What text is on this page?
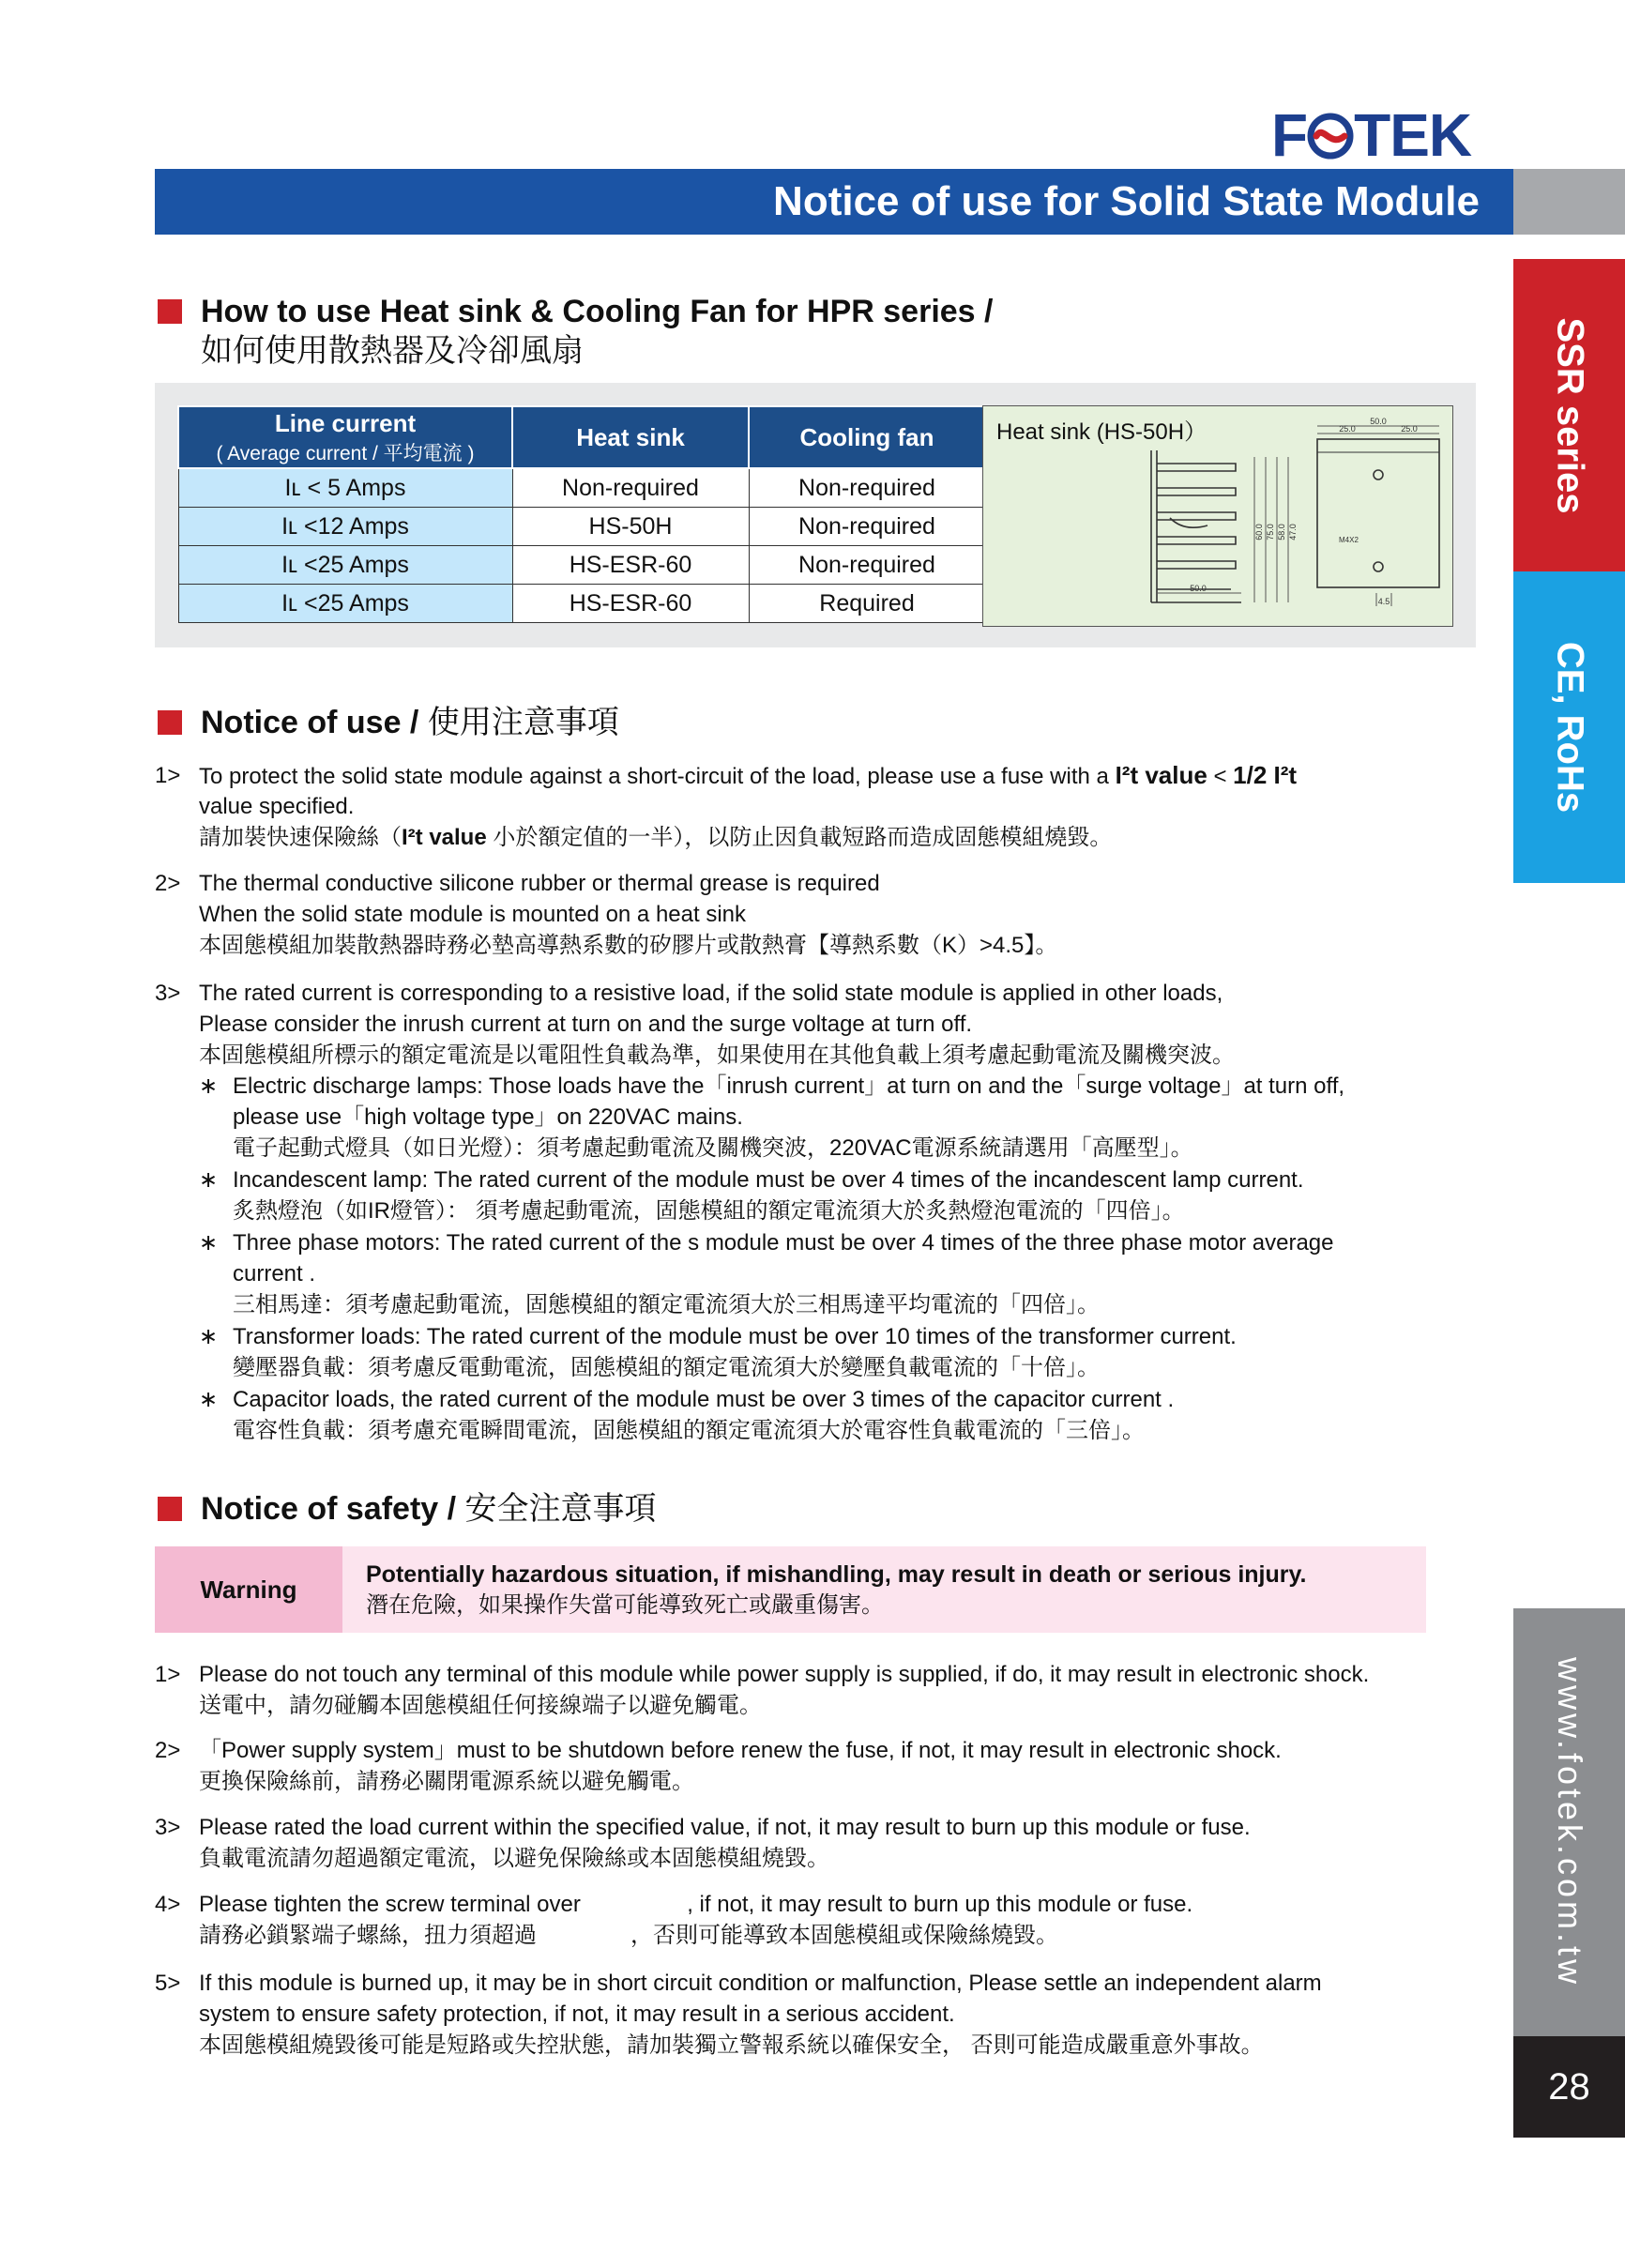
F TEK
Notice of use for Solid State Module
SSR series
CE, RoHs
www.fotek.com.tw
28
How to use Heat sink & Cooling Fan for HPR series /
如何使用散熱器及冷卻風扇
Line current
( Average current / 平均電流 )	Heat sink	Cooling fan
Iʟ < 5 Amps	Non-required	Non-required
Iʟ <12 Amps	HS-50H	Non-required
Iʟ <25 Amps	HS-ESR-60	Non-required
Iʟ <25 Amps	HS-ESR-60	Required
Heat sink (HS-50H）	50.0
25.0	25.0
50.0
60.0 75.0 58.0 47.0	M4X2
4.5
Notice of use / 使用注意事項
1> To protect the solid state module against a short-circuit of the load, please use a fuse with a I²t value < 1/2 I²t
value specified.
請加裝快速保險絲（I²t value 小於額定值的一半），以防止因負載短路而造成固態模組燒毀。
2> The thermal conductive silicone rubber or thermal grease is required
When the solid state module is mounted on a heat sink
本固態模組加裝散熱器時務必墊高導熱系數的矽膠片或散熱膏【導熱系數（K）>4.5】。
3> The rated current is corresponding to a resistive load, if the solid state module is applied in other loads,
Please consider the inrush current at turn on and the surge voltage at turn off.
本固態模組所標示的額定電流是以電阻性負載為準，如果使用在其他負載上須考慮起動電流及關機突波。
∗ Electric discharge lamps: Those loads have the「inrush current」at turn on and the「surge voltage」at turn off,
please use「high voltage type」on 220VAC mains.
電子起動式燈具（如日光燈）：須考慮起動電流及關機突波，220VAC電源系統請選用「高壓型」。
∗ Incandescent lamp: The rated current of the module must be over 4 times of the incandescent lamp current.
炙熱燈泡（如IR燈管）： 須考慮起動電流，固態模組的額定電流須大於炙熱燈泡電流的「四倍」。
∗ Three phase motors: The rated current of the s module must be over 4 times of the three phase motor average
current .
三相馬達：須考慮起動電流，固態模組的額定電流須大於三相馬達平均電流的「四倍」。
∗ Transformer loads: The rated current of the module must be over 10 times of the transformer current.
變壓器負載：須考慮反電動電流，固態模組的額定電流須大於變壓負載電流的「十倍」。
∗ Capacitor loads, the rated current of the module must be over 3 times of the capacitor current .
電容性負載：須考慮充電瞬間電流，固態模組的額定電流須大於電容性負載電流的「三倍」。
Notice of safety / 安全注意事項
Warning
Potentially hazardous situation, if mishandling, may result in death or serious injury.
潛在危險，如果操作失當可能導致死亡或嚴重傷害。
1> Please do not touch any terminal of this module while power supply is supplied, if do, it may result in electronic shock.
送電中，請勿碰觸本固態模組任何接線端子以避免觸電。
2> 「Power supply system」must to be shutdown before renew the fuse, if not, it may result in electronic shock.
更換保險絲前，請務必關閉電源系統以避免觸電。
3> Please rated the load current within the specified value, if not, it may result to burn up this module or fuse.
負載電流請勿超過額定電流，以避免保險絲或本固態模組燒毀。
4> Please tighten the screw terminal over                 , if not, it may result to burn up this module or fuse.
請務必鎖緊端子螺絲，扭力須超過               ，否則可能導致本固態模組或保險絲燒毀。
5> If this module is burned up, it may be in short circuit condition or malfunction, Please settle an independent alarm
system to ensure safety protection, if not, it may result in a serious accident.
本固態模組燒毀後可能是短路或失控狀態，請加裝獨立警報系統以確保安全， 否則可能造成嚴重意外事故。
